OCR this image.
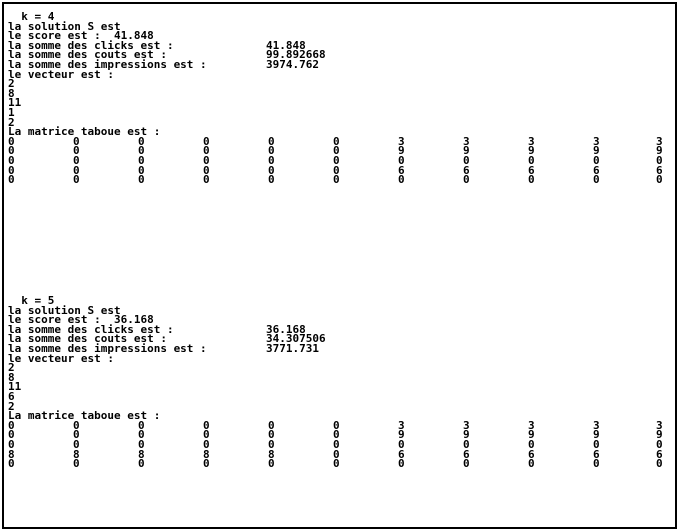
k = 4
la solution S est
le score est :  41.848
la somme des clicks est :	41.848
la somme des couts est :	99.892668
la somme des impressions est :	3974.762
le vecteur est :
2
8
11
1
2
La matrice taboue est :
0	0	0	0	0	0	3	3	3	3	3
0	0	0	0	0	0	9	9	9	9	9
0	0	0	0	0	0	0	0	0	0	0
0	0	0	0	0	0	6	6	6	6	6
0	0	0	0	0	0	0	0	0	0	0
k = 5
la solution S est
le score est :  36.168
la somme des clicks est :	36.168
la somme des couts est :	34.307506
la somme des impressions est :	3771.731
le vecteur est :
2
8
11
6
2
La matrice taboue est :
0	0	0	0	0	0	3	3	3	3	3
0	0	0	0	0	0	9	9	9	9	9
0	0	0	0	0	0	0	0	0	0	0
8	8	8	8	8	0	6	6	6	6	6
0	0	0	0	0	0	0	0	0	0	0
